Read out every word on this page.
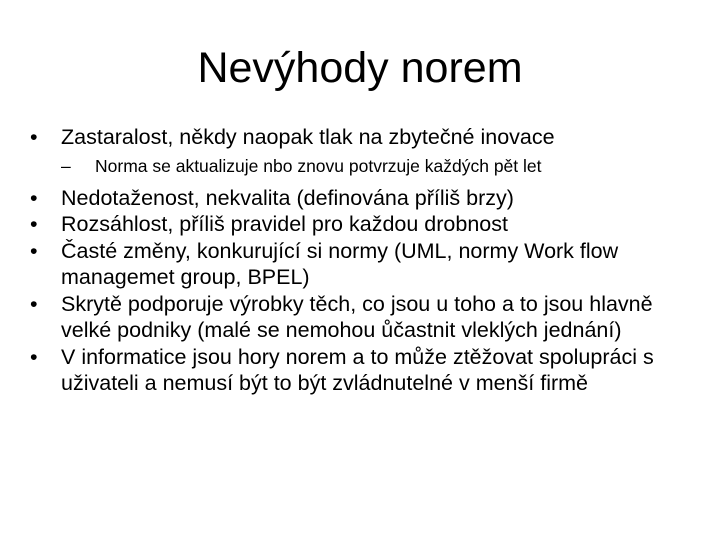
Nevýhody norem
•	Zastaralost, někdy naopak tlak na zbytečné inovace
–	Norma se aktualizuje nbo znovu potvrzuje každých pět let
•	Nedotaženost, nekvalita (definována příliš brzy)
•	Rozsáhlost, příliš pravidel pro každou drobnost
•	Časté změny, konkurující si normy (UML, normy Work flow managemet group, BPEL)
•	Skrytě podporuje výrobky těch, co jsou u toho a to jsou hlavně velké podniky (malé se nemohou ůčastnit vleklých jednání)
•	V informatice jsou hory norem a to může ztěžovat spolupráci s uživateli a nemusí být to být zvládnutelné v menší firmě
